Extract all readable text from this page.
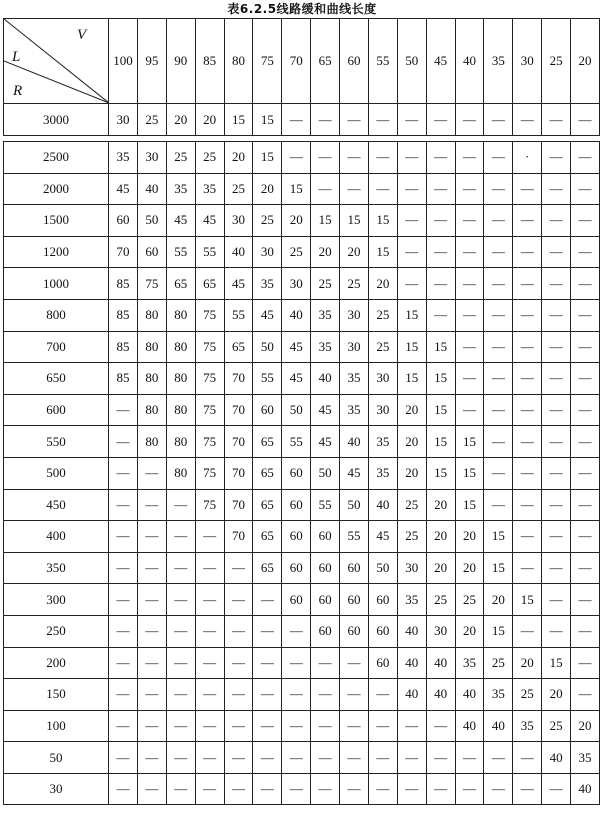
表6.2.5线路缓和曲线长度
V
L
R	100	95	90	85	80	75	70	65	60	55	50	45	40	35	30	25	20
3000	30	25	20	20	15	15	—	—	—	—	—	—	—	—	—	—	—
2500	35	30	25	25	20	15	—	—	—	—	—	—	—	—	·	—	—
2000	45	40	35	35	25	20	15	—	—	—	—	—	—	—	—	—	—
1500	60	50	45	45	30	25	20	15	15	15	—	—	—	—	—	—	—
1200	70	60	55	55	40	30	25	20	20	15	—	—	—	—	—	—	—
1000	85	75	65	65	45	35	30	25	25	20	—	—	—	—	—	—	—
800	85	80	80	75	55	45	40	35	30	25	15	—	—	—	—	—	—
700	85	80	80	75	65	50	45	35	30	25	15	15	—	—	—	—	—
650	85	80	80	75	70	55	45	40	35	30	15	15	—	—	—	—	—
600	—	80	80	75	70	60	50	45	35	30	20	15	—	—	—	—	—
550	—	80	80	75	70	65	55	45	40	35	20	15	15	—	—	—	—
500	—	—	80	75	70	65	60	50	45	35	20	15	15	—	—	—	—
450	—	—	—	75	70	65	60	55	50	40	25	20	15	—	—	—	—
400	—	—	—	—	70	65	60	60	55	45	25	20	20	15	—	—	—
350	—	—	—	—	—	65	60	60	60	50	30	20	20	15	—	—	—
300	—	—	—	—	—	—	60	60	60	60	35	25	25	20	15	—	—
250	—	—	—	—	—	—	—	60	60	60	40	30	20	15	—	—	—
200	—	—	—	—	—	—	—	—	—	60	40	40	35	25	20	15	—
150	—	—	—	—	—	—	—	—	—	—	40	40	40	35	25	20	—
100	—	—	—	—	—	—	—	—	—	—	—	—	40	40	35	25	20
50	—	—	—	—	—	—	—	—	—	—	—	—	—	—	—	40	35
30	—	—	—	—	—	—	—	—	—	—	—	—	—	—	—	—	40
